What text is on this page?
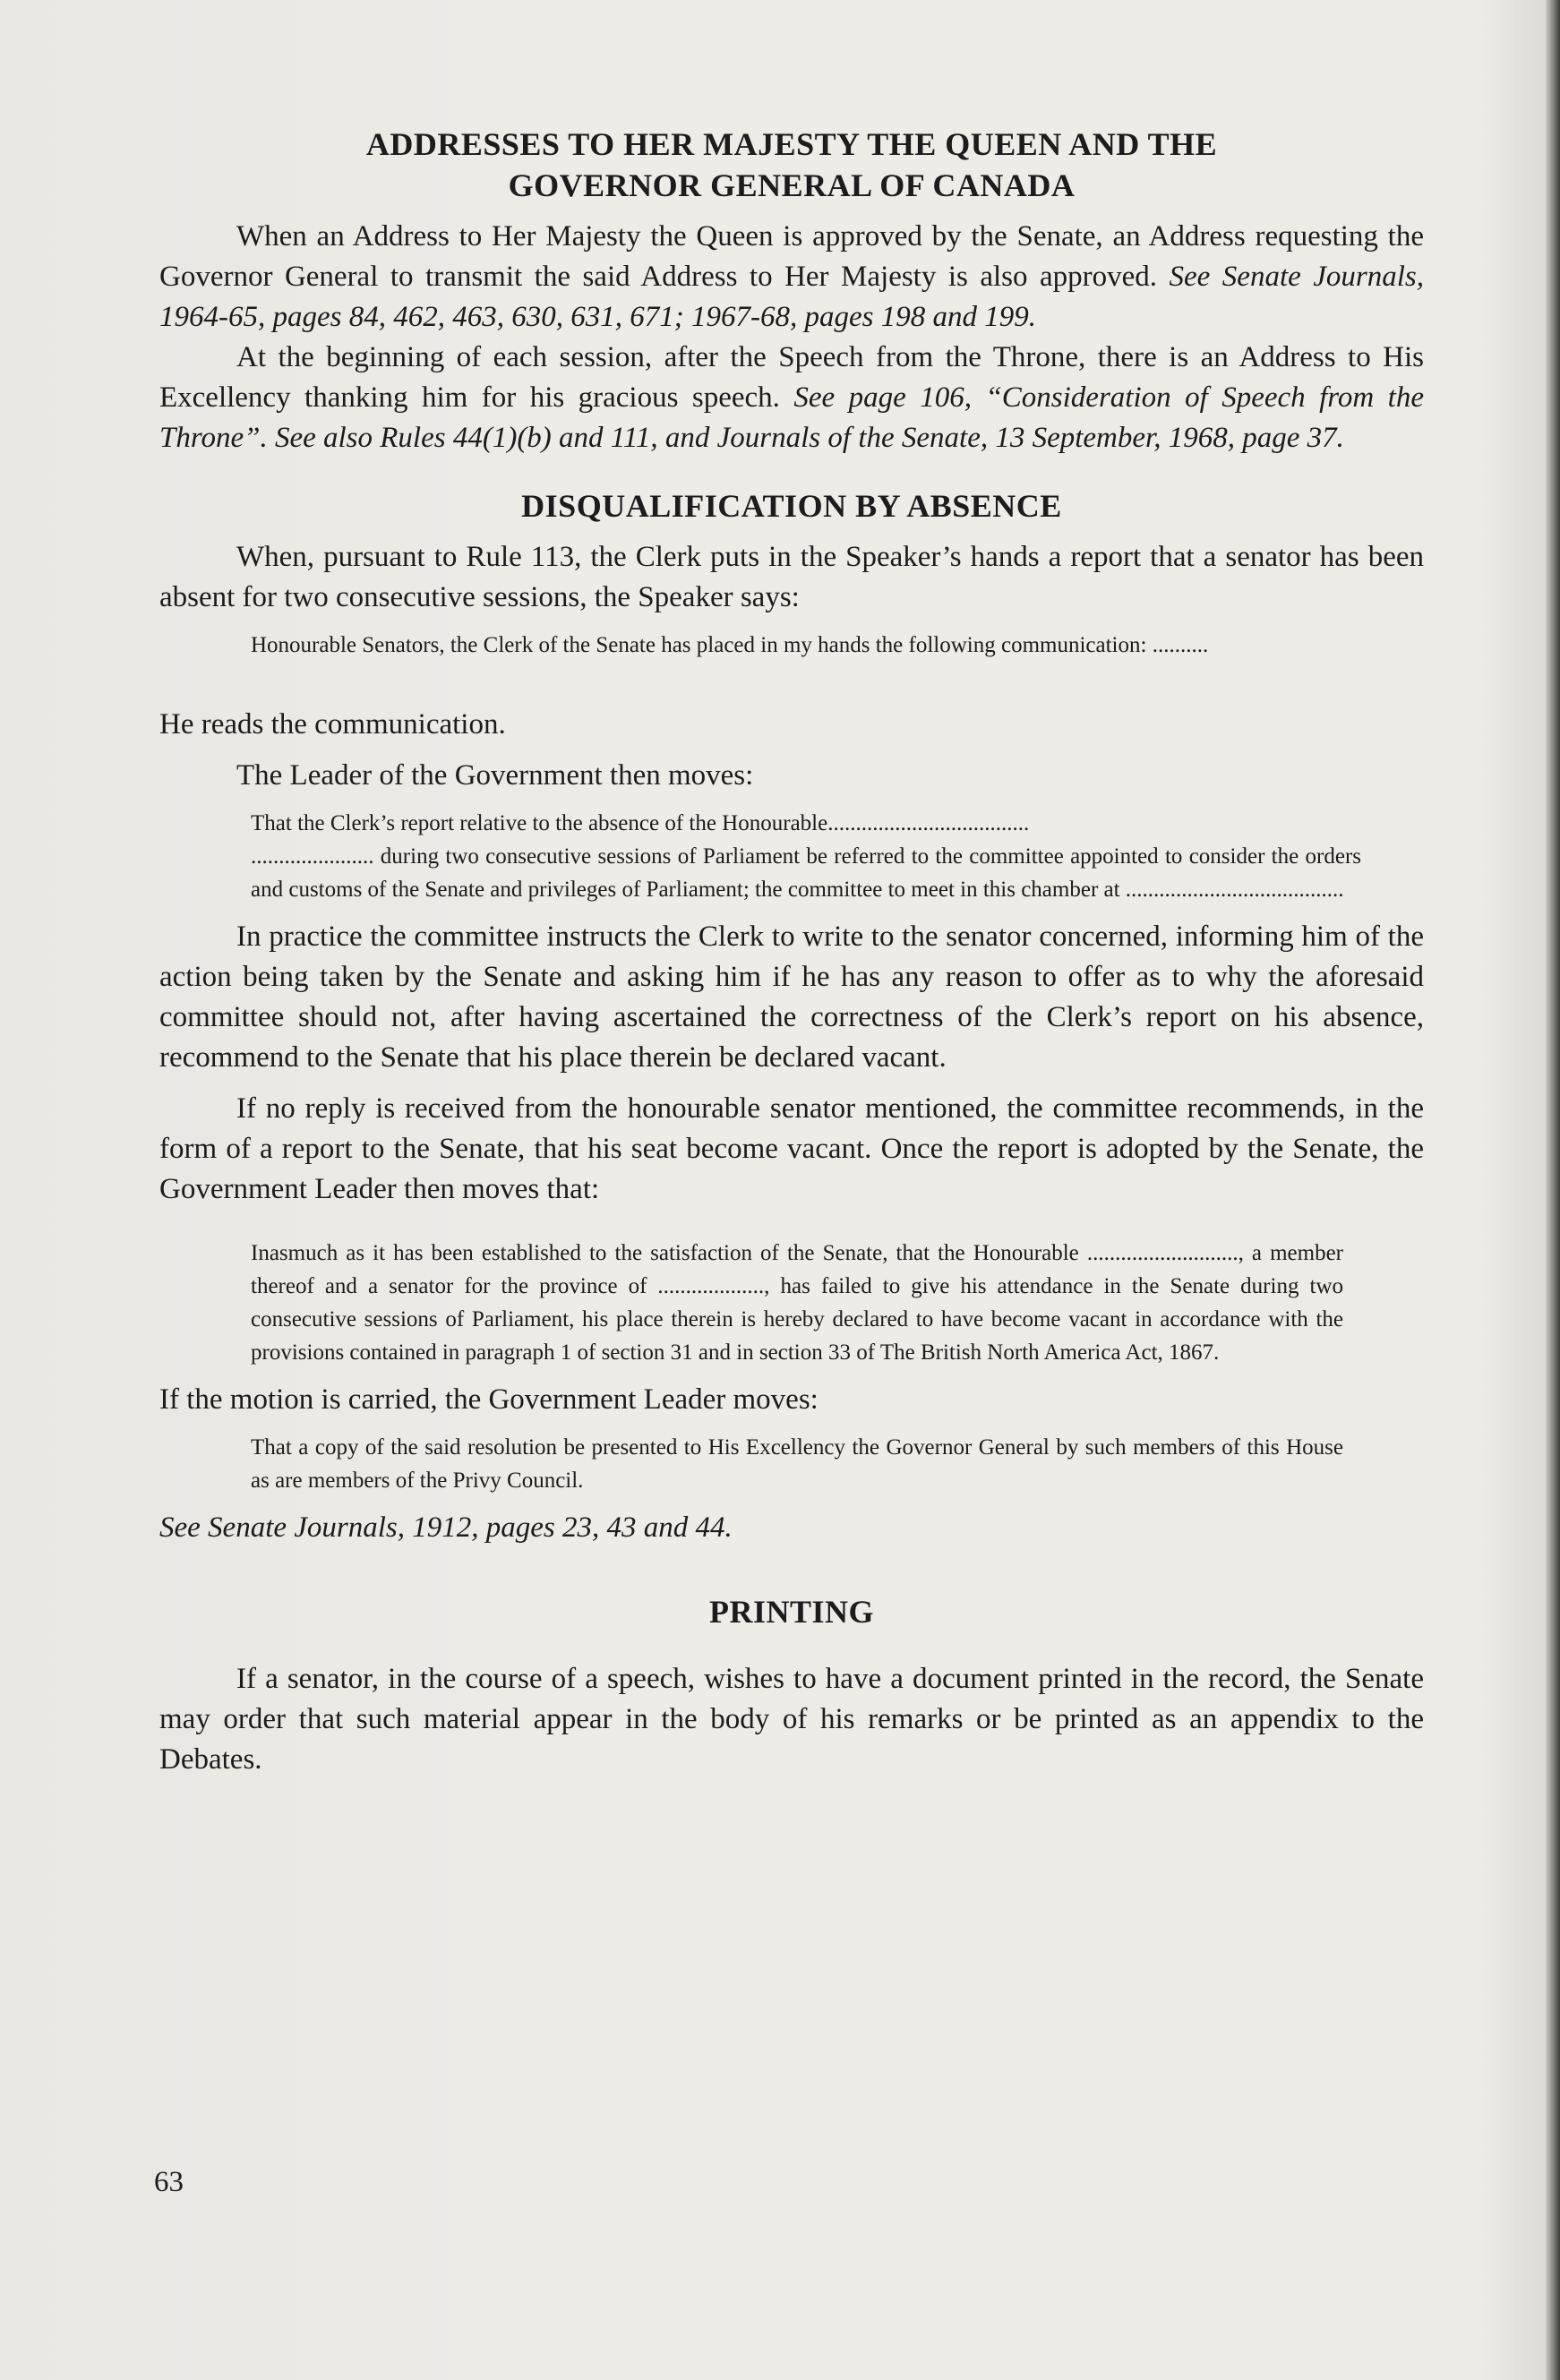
ADDRESSES TO HER MAJESTY THE QUEEN AND THE
GOVERNOR GENERAL OF CANADA

When an Address to Her Majesty the Queen is approved by the Senate, an Address requesting the Governor General to transmit the said Address to Her Majesty is also approved. See Senate Journals, 1964-65, pages 84, 462, 463, 630, 631, 671; 1967-68, pages 198 and 199.

At the beginning of each session, after the Speech from the Throne, there is an Address to His Excellency thanking him for his gracious speech. See page 106, “Consideration of Speech from the Throne”. See also Rules 44(1)(b) and 111, and Journals of the Senate, 13 September, 1968, page 37.

DISQUALIFICATION BY ABSENCE

When, pursuant to Rule 113, the Clerk puts in the Speaker’s hands a report that a senator has been absent for two consecutive sessions, the Speaker says:

Honourable Senators, the Clerk of the Senate has placed in my hands the following communication: ..........

He reads the communication.

The Leader of the Government then moves:

That the Clerk’s report relative to the absence of the Honourable....................................

...................... during two consecutive sessions of Parliament be referred to the committee appointed to consider the orders and customs of the Senate and privileges of Parliament; the committee to meet in this chamber at .......................................

In practice the committee instructs the Clerk to write to the senator concerned, informing him of the action being taken by the Senate and asking him if he has any reason to offer as to why the aforesaid committee should not, after having ascertained the correctness of the Clerk’s report on his absence, recommend to the Senate that his place therein be declared vacant.

If no reply is received from the honourable senator mentioned, the committee recommends, in the form of a report to the Senate, that his seat become vacant. Once the report is adopted by the Senate, the Government Leader then moves that:

Inasmuch as it has been established to the satisfaction of the Senate, that the Honourable ..........................., a member thereof and a senator for the province of ..................., has failed to give his attendance in the Senate during two consecutive sessions of Parliament, his place therein is hereby declared to have become vacant in accordance with the provisions contained in paragraph 1 of section 31 and in section 33 of The British North America Act, 1867.

If the motion is carried, the Government Leader moves:

That a copy of the said resolution be presented to His Excellency the Governor General by such members of this House as are members of the Privy Council.

See Senate Journals, 1912, pages 23, 43 and 44.

PRINTING

If a senator, in the course of a speech, wishes to have a document printed in the record, the Senate may order that such material appear in the body of his remarks or be printed as an appendix to the Debates.

63
